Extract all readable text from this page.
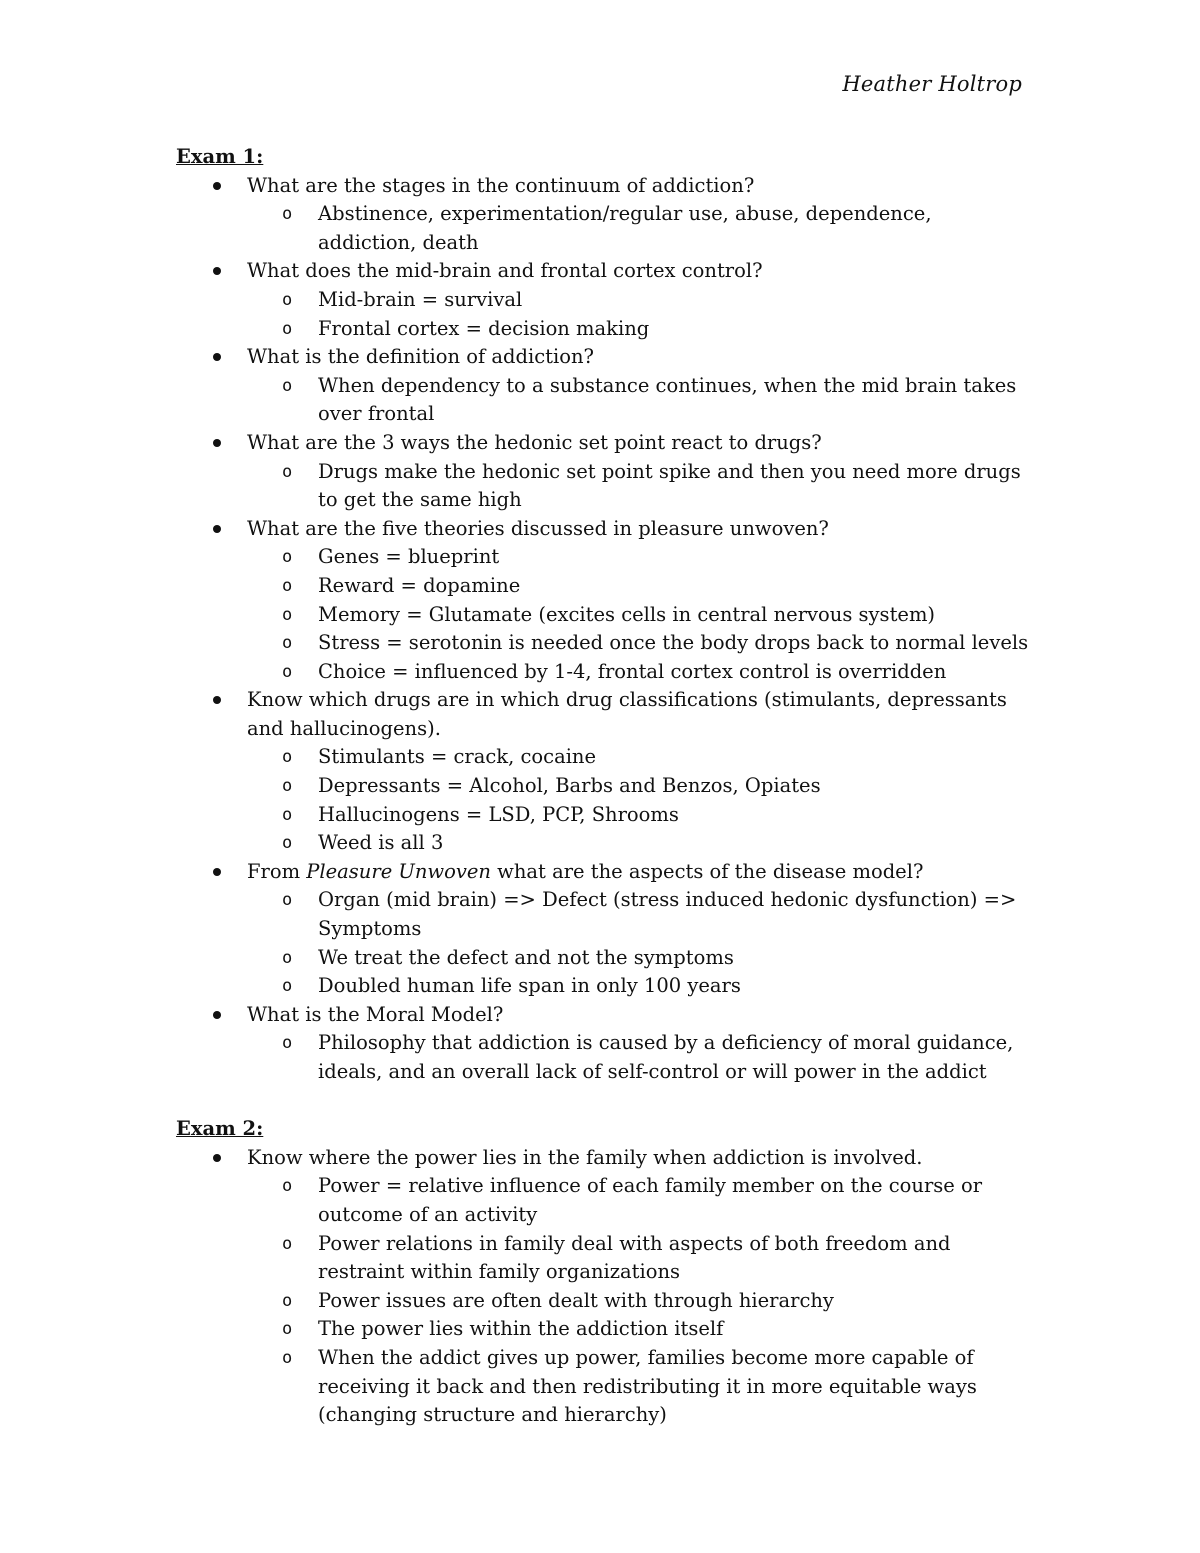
Heather Holtrop
Exam 1:
What are the stages in the continuum of addiction?
o Abstinence, experimentation/regular use, abuse, dependence, addiction, death
What does the mid-brain and frontal cortex control?
o Mid-brain = survival
o Frontal cortex = decision making
What is the definition of addiction?
o When dependency to a substance continues, when the mid brain takes over frontal
What are the 3 ways the hedonic set point react to drugs?
o Drugs make the hedonic set point spike and then you need more drugs to get the same high
What are the five theories discussed in pleasure unwoven?
o Genes = blueprint
o Reward = dopamine
o Memory = Glutamate (excites cells in central nervous system)
o Stress = serotonin is needed once the body drops back to normal levels
o Choice = influenced by 1-4, frontal cortex control is overridden
Know which drugs are in which drug classifications (stimulants, depressants and hallucinogens).
o Stimulants = crack, cocaine
o Depressants = Alcohol, Barbs and Benzos, Opiates
o Hallucinogens = LSD, PCP, Shrooms
o Weed is all 3
From Pleasure Unwoven what are the aspects of the disease model?
o Organ (mid brain) => Defect (stress induced hedonic dysfunction) => Symptoms
o We treat the defect and not the symptoms
o Doubled human life span in only 100 years
What is the Moral Model?
o Philosophy that addiction is caused by a deficiency of moral guidance, ideals, and an overall lack of self-control or will power in the addict
Exam 2:
Know where the power lies in the family when addiction is involved.
o Power = relative influence of each family member on the course or outcome of an activity
o Power relations in family deal with aspects of both freedom and restraint within family organizations
o Power issues are often dealt with through hierarchy
o The power lies within the addiction itself
o When the addict gives up power, families become more capable of receiving it back and then redistributing it in more equitable ways (changing structure and hierarchy)
